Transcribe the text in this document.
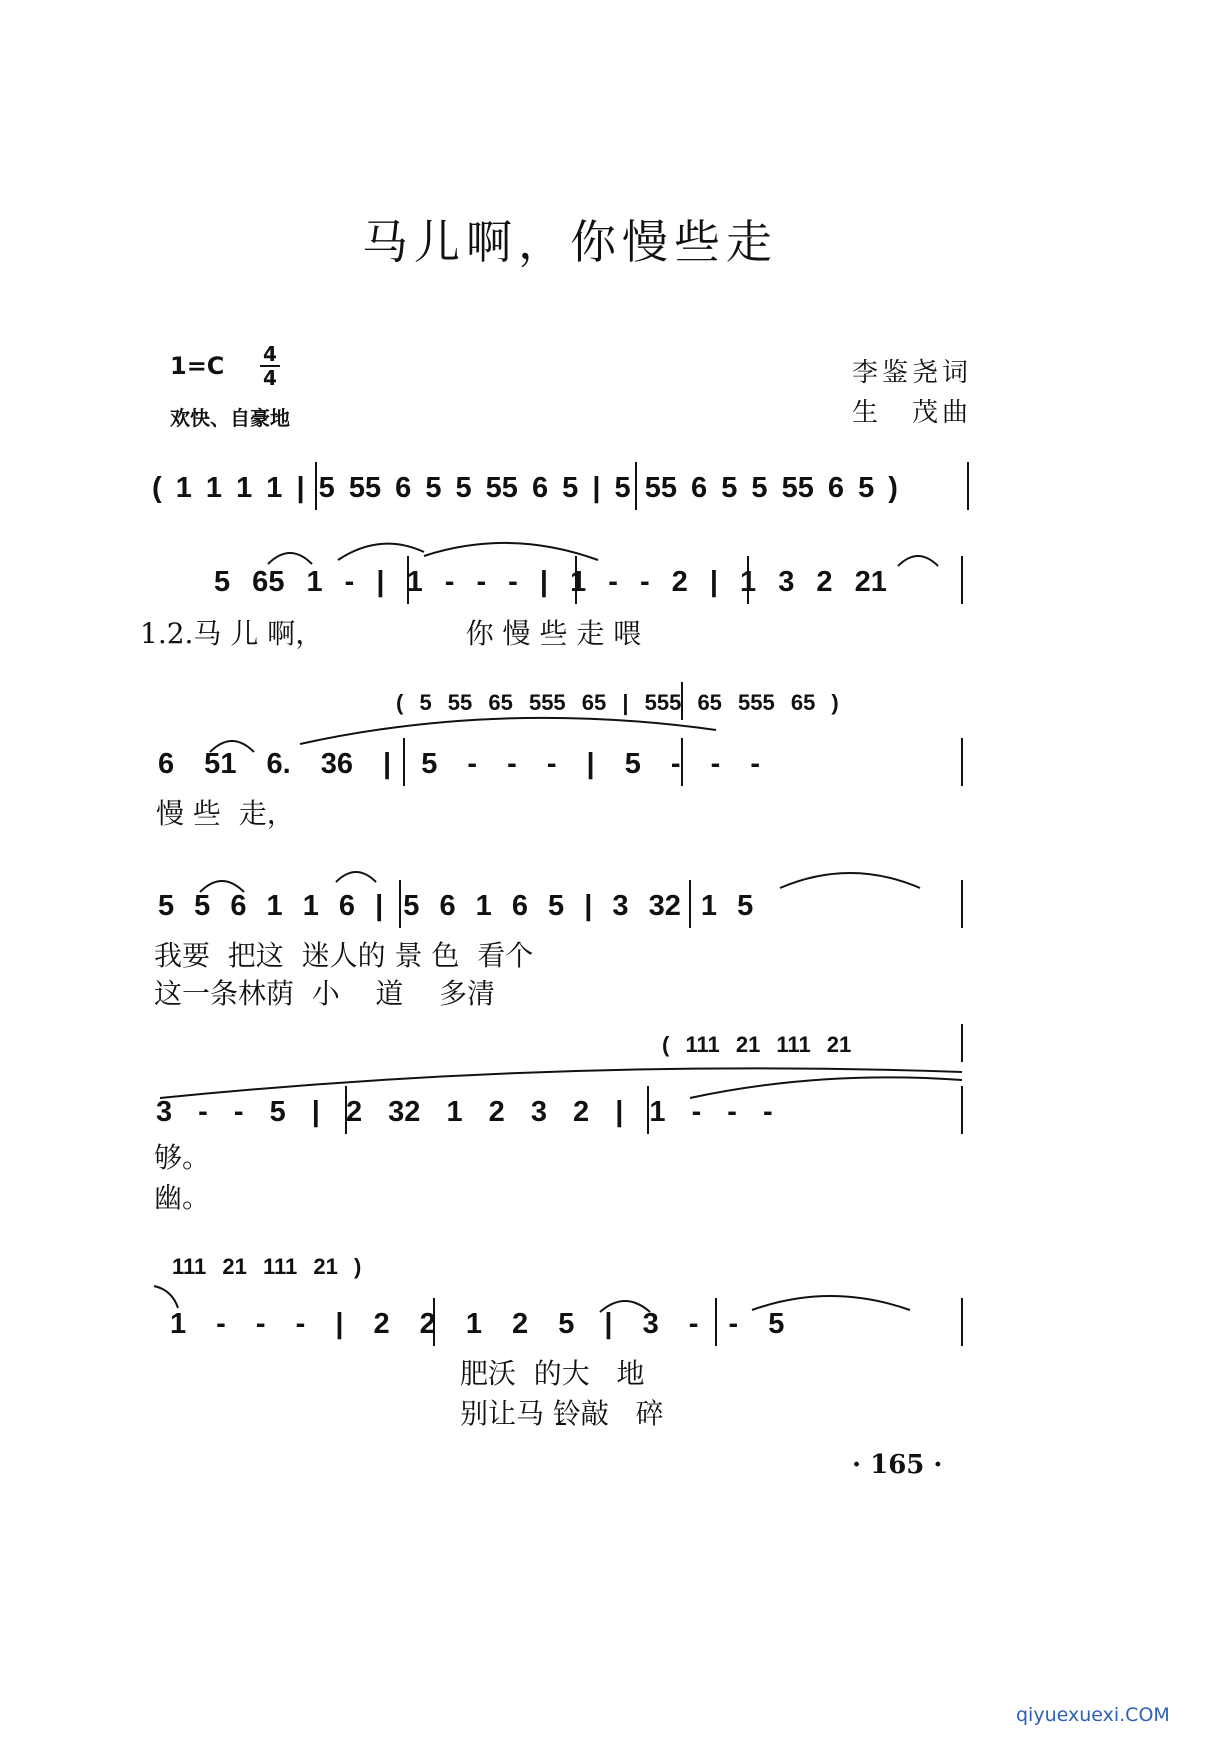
马儿啊，你慢些走
1=C 4
4
欢快、自豪地
李鉴尧词
生　茂曲
( 1 1 1 1 | 5 55 6 5 5 55 6 5 | 5 55 6 5 5 55 6 5 )
5 65 1 - | 1 - - - | 1 - - 2 | 1 3 2 21
1.2.马 儿 啊，                你 慢 些 走 喂
( 5 55 65 555 65 | 555 65 555 65 )
6 51 6. 36 | 5 - - - | 5 - - -
慢 些  走，
5 5 6 1 1 6 | 5 6 1 6 5 | 3 32 1 5
我要  把这  迷人的 景 色  看个
这一条林荫  小    道    多清
( 111 21 111 21
3 - - 5 | 2 32 1 2 3 2 | 1 - - -
够。
幽。
111 21 111 21 )
1 - - - | 2 2 1 2 5 | 3 - - 5
肥沃  的大   地
别让马 铃敲   碎
· 165 ·
qiyuexuexi.COM
